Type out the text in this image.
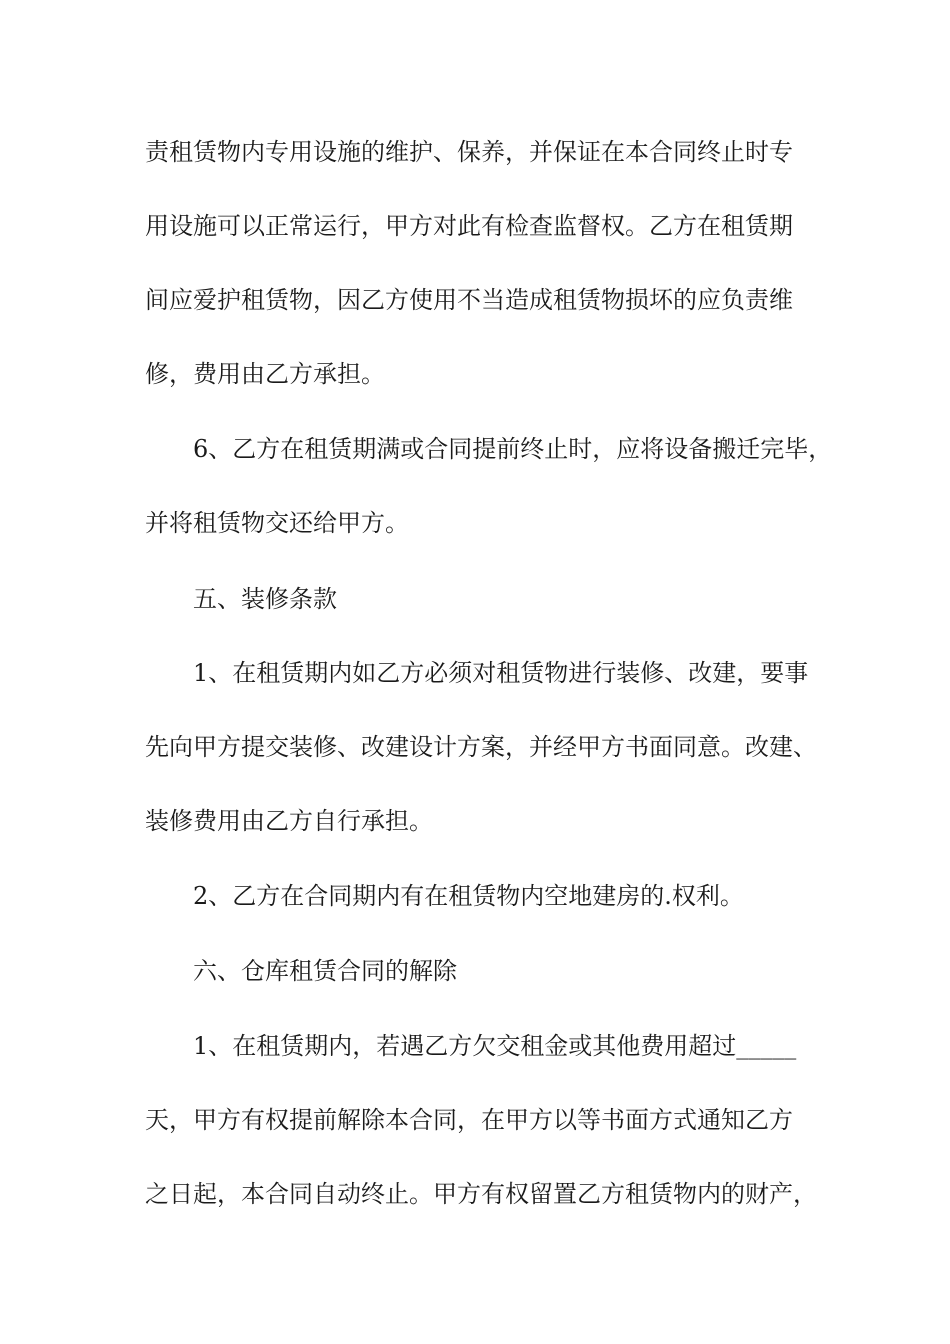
责租赁物内专用设施的维护、保养，并保证在本合同终止时专
用设施可以正常运行，甲方对此有检查监督权。乙方在租赁期
间应爱护租赁物，因乙方使用不当造成租赁物损坏的应负责维
修，费用由乙方承担。
6、乙方在租赁期满或合同提前终止时，应将设备搬迁完毕，
并将租赁物交还给甲方。
五、装修条款
1、在租赁期内如乙方必须对租赁物进行装修、改建，要事
先向甲方提交装修、改建设计方案，并经甲方书面同意。改建、
装修费用由乙方自行承担。
2、乙方在合同期内有在租赁物内空地建房的.权利。
六、仓库租赁合同的解除
1、在租赁期内，若遇乙方欠交租金或其他费用超过_____
天，甲方有权提前解除本合同，在甲方以等书面方式通知乙方
之日起，本合同自动终止。甲方有权留置乙方租赁物内的财产，
